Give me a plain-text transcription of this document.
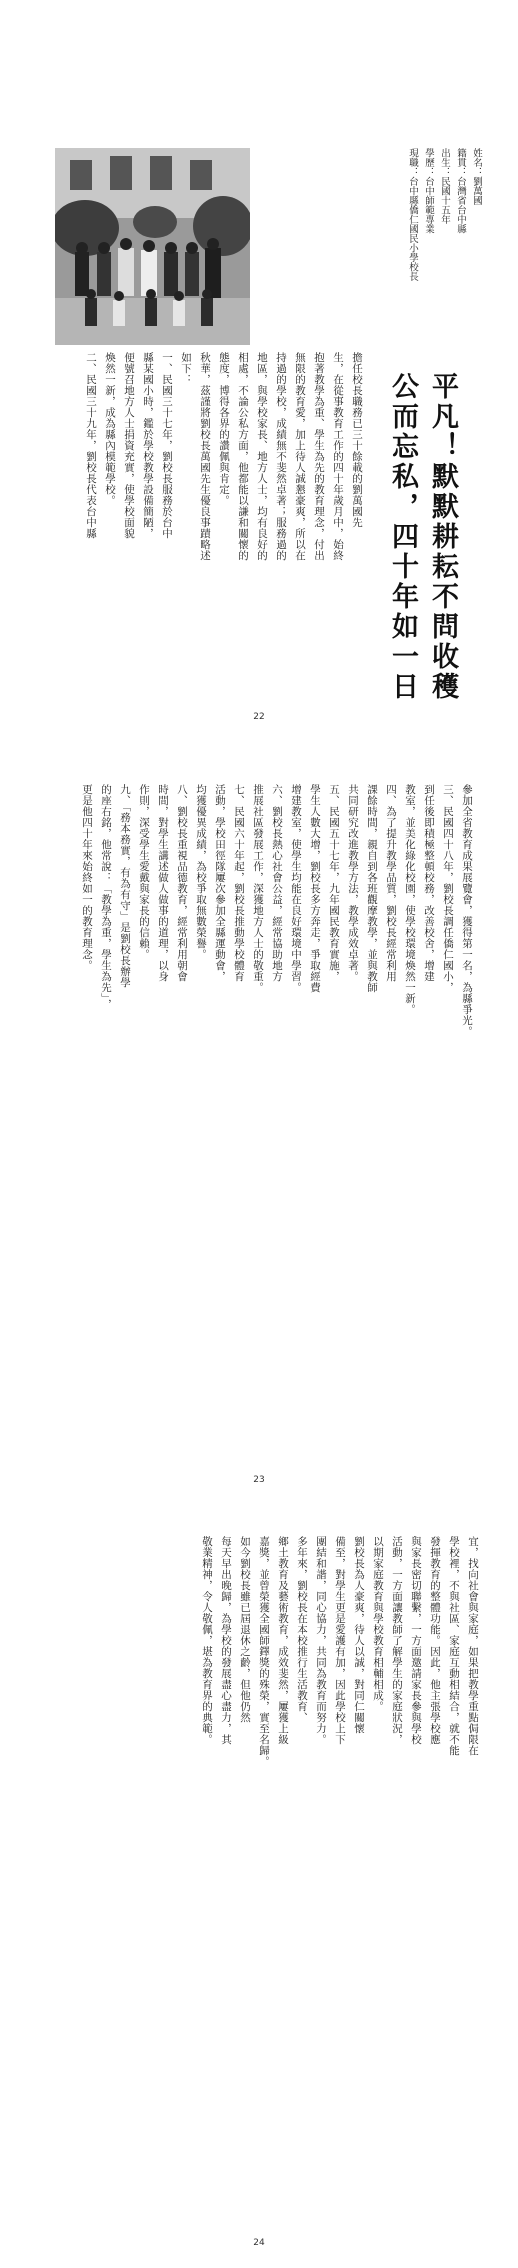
姓名：劉萬國
籍貫：台灣省台中縣
出生：民國十五年
學歷：台中師範專業
現職：台中縣僑仁國民小學校長
平凡！默默耕耘不問收穫
公而忘私，四十年如一日
擔任校長職務已三十餘載的劉萬國先
生，在從事教育工作的四十年歲月中，始終
抱著教學為重、學生為先的教育理念，付出
無限的教育愛，加上待人誠懇豪爽，所以在
持過的學校，成績無不斐然卓著；服務過的
地區，與學校家長、地方人士，均有良好的
相處，不論公私方面，他都能以謙和關懷的
態度，博得各界的讚佩與肯定。
秋華，茲謹將劉校長萬國先生優良事蹟略述
如下：
一、民國三十七年，劉校長服務於台中
縣某國小時，鑑於學校教學設備簡陋，
便號召地方人士捐資充實，使學校面貌
煥然一新，成為縣內模範學校。
二、民國三十九年，劉校長代表台中縣
22
參加全省教育成果展覽會，獲得第一名，為縣爭光。
三、民國四十八年，劉校長調任僑仁國小，
到任後即積極整頓校務，改善校舍，增建
教室，並美化綠化校園，使學校環境煥然一新。
四、為了提升教學品質，劉校長經常利用
課餘時間，親自到各班觀摩教學，並與教師
共同研究改進教學方法，教學成效卓著。
五、民國五十七年，九年國民教育實施，
學生人數大增，劉校長多方奔走，爭取經費
增建教室，使學生均能在良好環境中學習。
六、劉校長熱心社會公益，經常協助地方
推展社區發展工作，深獲地方人士的敬重。
七、民國六十年起，劉校長推動學校體育
活動，學校田徑隊屢次參加全縣運動會，
均獲優異成績，為校爭取無數榮譽。
八、劉校長重視品德教育，經常利用朝會
時間，對學生講述做人做事的道理，以身
作則，深受學生愛戴與家長的信賴。
九、「務本務實，有為有守」是劉校長辦學
的座右銘，他常說：「教學為重，學生為先」，
更是他四十年來始終如一的教育理念。
23
宜，找向社會與家庭，如果把教學重點侷限在
學校裡，不與社區、家庭互動相結合，就不能
發揮教育的整體功能。因此，他主張學校應
與家長密切聯繫，一方面邀請家長參與學校
活動，一方面讓教師了解學生的家庭狀況，
以期家庭教育與學校教育相輔相成。
劉校長為人豪爽，待人以誠，對同仁關懷
備至，對學生更是愛護有加，因此學校上下
團結和諧，同心協力，共同為教育而努力。
多年來，劉校長在本校推行生活教育、
鄉土教育及藝術教育，成效斐然，屢獲上級
嘉獎，並曾榮獲全國師鐸獎的殊榮，實至名歸。
如今劉校長雖已屆退休之齡，但他仍然
每天早出晚歸，為學校的發展盡心盡力，其
敬業精神，令人敬佩，堪為教育界的典範。
24
